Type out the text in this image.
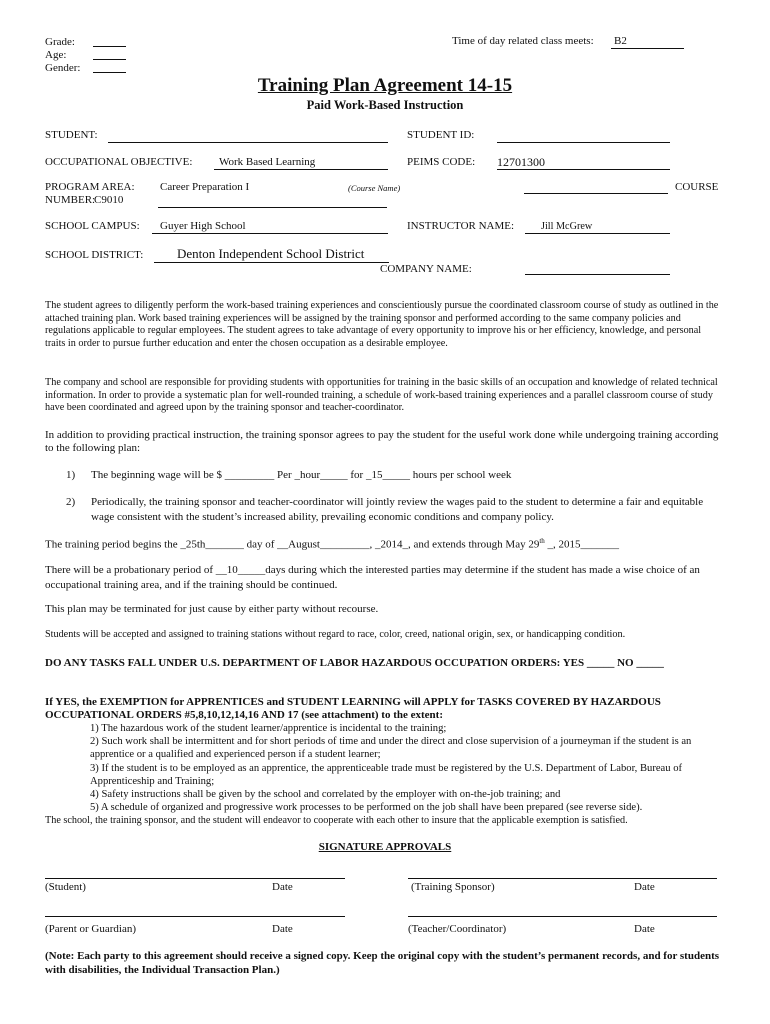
Grade:
Age:
Gender:
Time of day related class meets: B2
Training Plan Agreement 14-15
Paid Work-Based Instruction
STUDENT:	STUDENT ID:
OCCUPATIONAL OBJECTIVE: Work Based Learning	PEIMS CODE: 12701300
PROGRAM AREA: Career Preparation I	(Course Name)	COURSE
NUMBER:
C9010
SCHOOL CAMPUS: Guyer High School	INSTRUCTOR NAME:	Jill McGrew
SCHOOL DISTRICT:	Denton Independent School District
COMPANY NAME:
The student agrees to diligently perform the work-based training experiences and conscientiously pursue the coordinated classroom course of study as outlined in the attached training plan. Work based training experiences will be assigned by the training sponsor and performed according to the same company policies and regulations applicable to regular employees. The student agrees to take advantage of every opportunity to improve his or her efficiency, knowledge, and personal traits in order to pursue further education and enter the chosen occupation as a desirable employee.
The company and school are responsible for providing students with opportunities for training in the basic skills of an occupation and knowledge of related technical information. In order to provide a systematic plan for well-rounded training, a schedule of work-based training experiences and a parallel classroom course of study have been coordinated and agreed upon by the training sponsor and teacher-coordinator.
In addition to providing practical instruction, the training sponsor agrees to pay the student for the useful work done while undergoing training according to the following plan:
1) The beginning wage will be $ _________ Per _hour_____ for _15_____ hours per school week
2) Periodically, the training sponsor and teacher-coordinator will jointly review the wages paid to the student to determine a fair and equitable wage consistent with the student’s increased ability, prevailing economic conditions and company policy.
The training period begins the _25th_______ day of __August_________, _2014_, and extends through May 29th _, 2015_______
There will be a probationary period of __10_____days during which the interested parties may determine if the student has made a wise choice of an occupational training area, and if the training should be continued.
This plan may be terminated for just cause by either party without recourse.
Students will be accepted and assigned to training stations without regard to race, color, creed, national origin, sex, or handicapping condition.
DO ANY TASKS FALL UNDER U.S. DEPARTMENT OF LABOR HAZARDOUS OCCUPATION ORDERS: YES _____ NO _____
If YES, the EXEMPTION for APPRENTICES and STUDENT LEARNING will APPLY for TASKS COVERED BY HAZARDOUS OCCUPATIONAL ORDERS #5,8,10,12,14,16 AND 17 (see attachment) to the extent:
1) The hazardous work of the student learner/apprentice is incidental to the training;
2) Such work shall be intermittent and for short periods of time and under the direct and close supervision of a journeyman if the student is an apprentice or a qualified and experienced person if a student learner;
3) If the student is to be employed as an apprentice, the apprenticeable trade must be registered by the U.S. Department of Labor, Bureau of Apprenticeship and Training;
4) Safety instructions shall be given by the school and correlated by the employer with on-the-job training; and
5) A schedule of organized and progressive work processes to be performed on the job shall have been prepared (see reverse side).
The school, the training sponsor, and the student will endeavor to cooperate with each other to insure that the applicable exemption is satisfied.
SIGNATURE APPROVALS
(Student)	Date	(Training Sponsor)	Date
(Parent or Guardian)	Date	(Teacher/Coordinator)	Date
(Note: Each party to this agreement should receive a signed copy. Keep the original copy with the student’s permanent records, and for students with disabilities, the Individual Transaction Plan.)
